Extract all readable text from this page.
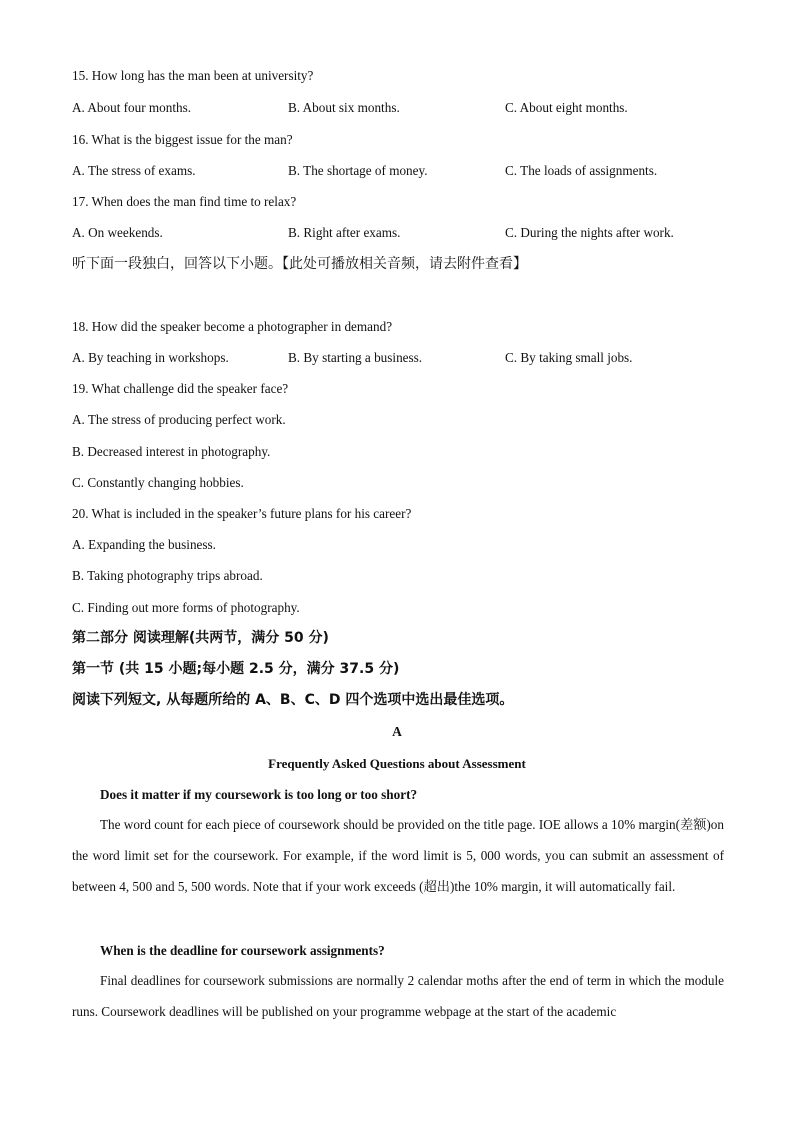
15. How long has the man been at university?
A. About four months.	B. About six months.	C. About eight months.
16. What is the biggest issue for the man?
A. The stress of exams.	B. The shortage of money.	C. The loads of assignments.
17. When does the man find time to relax?
A. On weekends.	B. Right after exams.	C. During the nights after work.
听下面一段独白，回答以下小题。【此处可播放相关音频，请去附件查看】
18. How did the speaker become a photographer in demand?
A. By teaching in workshops.	B. By starting a business.	C. By taking small jobs.
19. What challenge did the speaker face?
A. The stress of producing perfect work.
B. Decreased interest in photography.
C. Constantly changing hobbies.
20. What is included in the speaker’s future plans for his career?
A. Expanding the business.
B. Taking photography trips abroad.
C. Finding out more forms of photography.
第二部分 阅读理解(共两节，满分 50 分)
第一节 (共 15 小题;每小题 2.5 分，满分 37.5 分)
阅读下列短文, 从每题所给的 A、B、C、D 四个选项中选出最佳选项。
A
Frequently Asked Questions about Assessment
Does it matter if my coursework is too long or too short?
The word count for each piece of coursework should be provided on the title page. IOE allows a 10% margin(差额)on the word limit set for the coursework. For example, if the word limit is 5, 000 words, you can submit an assessment of between 4, 500 and 5, 500 words. Note that if your work exceeds (超出)the 10% margin, it will automatically fail.
When is the deadline for coursework assignments?
Final deadlines for coursework submissions are normally 2 calendar moths after the end of term in which the module runs. Coursework deadlines will be published on your programme webpage at the start of the academic
